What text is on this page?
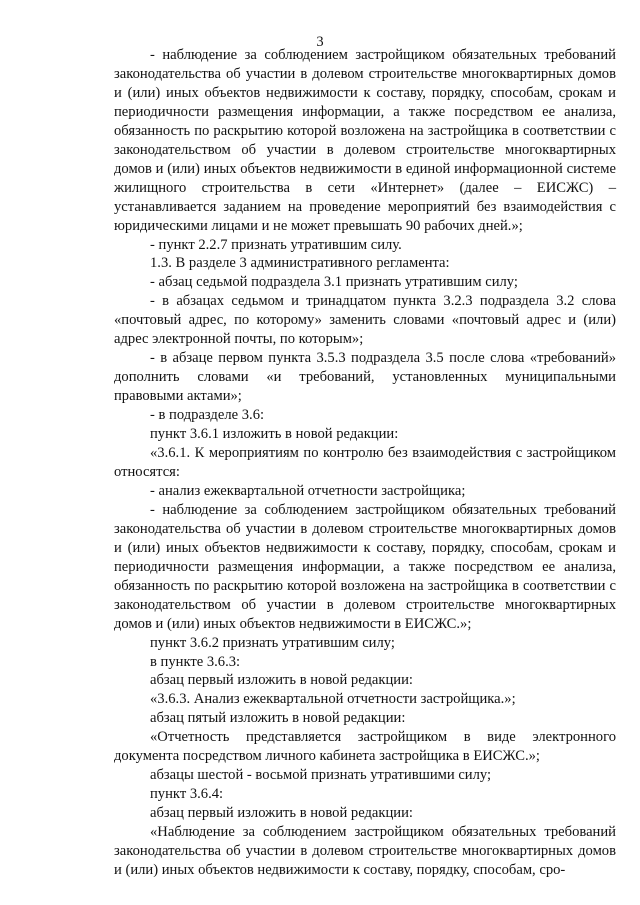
3

- наблюдение за соблюдением застройщиком обязательных требований законодательства об участии в долевом строительстве многоквартирных домов и (или) иных объектов недвижимости к составу, порядку, способам, срокам и периодичности размещения информации, а также посредством ее анализа, обязанность по раскрытию которой возложена на застройщика в соответствии с законодательством об участии в долевом строительстве многоквартирных домов и (или) иных объектов недвижимости в единой информационной системе жилищного строительства в сети «Интернет» (далее – ЕИСЖС) – устанавливается заданием на проведение мероприятий без взаимодействия с юридическими лицами и не может превышать 90 рабочих дней.»;

- пункт 2.2.7 признать утратившим силу.

1.3. В разделе 3 административного регламента:

- абзац седьмой подраздела 3.1 признать утратившим силу;

- в абзацах седьмом и тринадцатом пункта 3.2.3 подраздела 3.2 слова «почтовый адрес, по которому» заменить словами «почтовый адрес и (или) адрес электронной почты, по которым»;

- в абзаце первом пункта 3.5.3 подраздела 3.5 после слова «требований» дополнить словами «и требований, установленных муниципальными правовыми актами»;

- в подразделе 3.6:

пункт 3.6.1 изложить в новой редакции:

«3.6.1. К мероприятиям по контролю без взаимодействия с застройщиком относятся:

- анализ ежеквартальной отчетности застройщика;

- наблюдение за соблюдением застройщиком обязательных требований законодательства об участии в долевом строительстве многоквартирных домов и (или) иных объектов недвижимости к составу, порядку, способам, срокам и периодичности размещения информации, а также посредством ее анализа, обязанность по раскрытию которой возложена на застройщика в соответствии с законодательством об участии в долевом строительстве многоквартирных домов и (или) иных объектов недвижимости в ЕИСЖС.»;

пункт 3.6.2 признать утратившим силу;

в пункте 3.6.3:

абзац первый изложить в новой редакции:

«3.6.3. Анализ ежеквартальной отчетности застройщика.»;

абзац пятый изложить в новой редакции:

«Отчетность представляется застройщиком в виде электронного документа посредством личного кабинета застройщика в ЕИСЖС.»;

абзацы шестой - восьмой признать утратившими силу;

пункт 3.6.4:

абзац первый изложить в новой редакции:

«Наблюдение за соблюдением застройщиком обязательных требований законодательства об участии в долевом строительстве многоквартирных домов и (или) иных объектов недвижимости к составу, порядку, способам, сро-
